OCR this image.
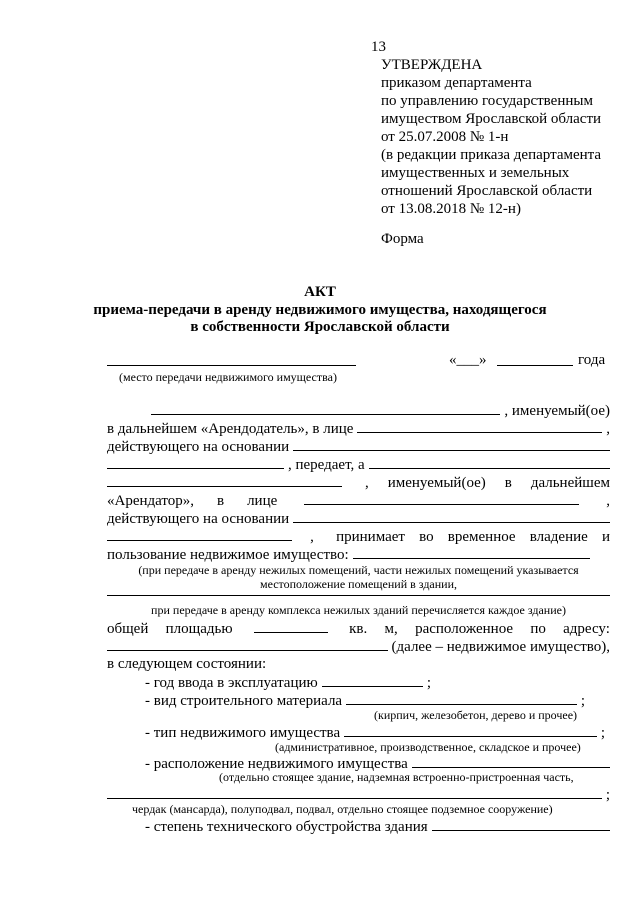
13
УТВЕРЖДЕНА
приказом департамента
по управлению государственным
имуществом Ярославской области
от 25.07.2008 № 1-н
(в редакции приказа департамента
имущественных и земельных
отношений Ярославской области
от 13.08.2018 № 12-н)
Форма
АКТ
приема-передачи в аренду недвижимого имущества, находящегося
в собственности Ярославской области
«___»	года
(место передачи недвижимого имущества)
, именуемый(ое)
в дальнейшем «Арендодатель», в лице	,
действующего на основании
, передает, а
, именуемый(ое) в дальнейшем
«Арендатор», в лице	,
действующего на основании
, принимает во временное владение и
пользование недвижимое имущество:
(при передаче в аренду нежилых помещений, части нежилых помещений указывается
местоположение помещений в здании,
при передаче в аренду комплекса нежилых зданий перечисляется каждое здание)
общей площадью	кв. м, расположенное по адресу:
(далее – недвижимое имущество),
в следующем состоянии:
- год ввода в эксплуатацию	;
- вид строительного материала	;
(кирпич, железобетон, дерево и прочее)
- тип недвижимого имущества	;
(административное, производственное, складское и прочее)
- расположение недвижимого имущества
(отдельно стоящее здание, надземная встроенно-пристроенная часть,
;
чердак (мансарда), полуподвал, подвал, отдельно стоящее подземное сооружение)
- степень технического обустройства здания
